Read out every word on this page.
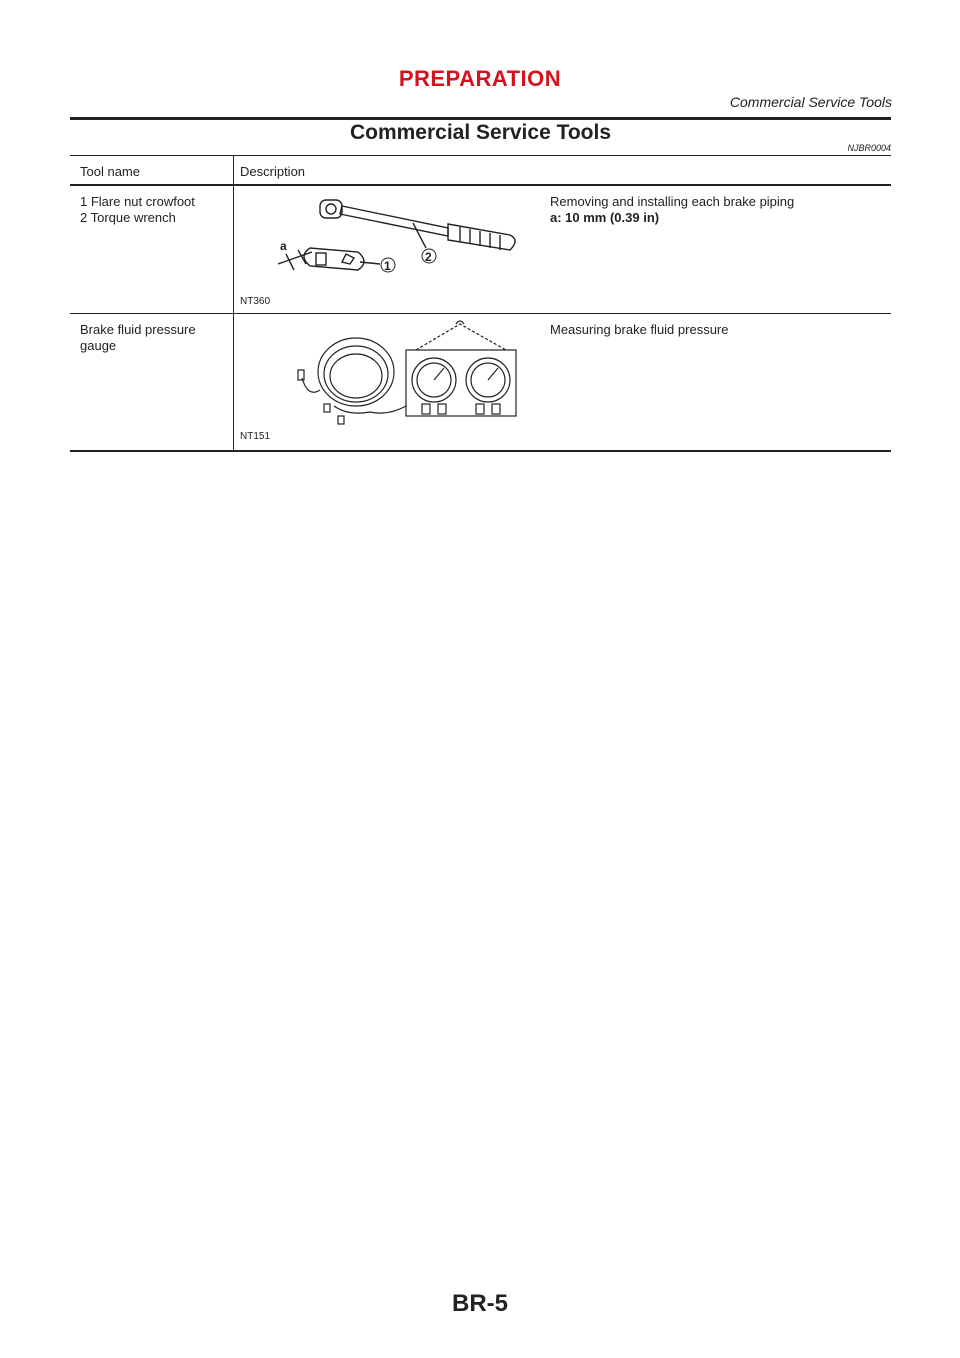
PREPARATION
Commercial Service Tools
Commercial Service Tools
NJBR0004
Tool name	Description
1 Flare nut crowfoot
2 Torque wrench
a
1
2
NT360
Removing and installing each brake piping
a: 10 mm (0.39 in)
Brake fluid pressure
gauge
NT151
Measuring brake fluid pressure
BR-5
